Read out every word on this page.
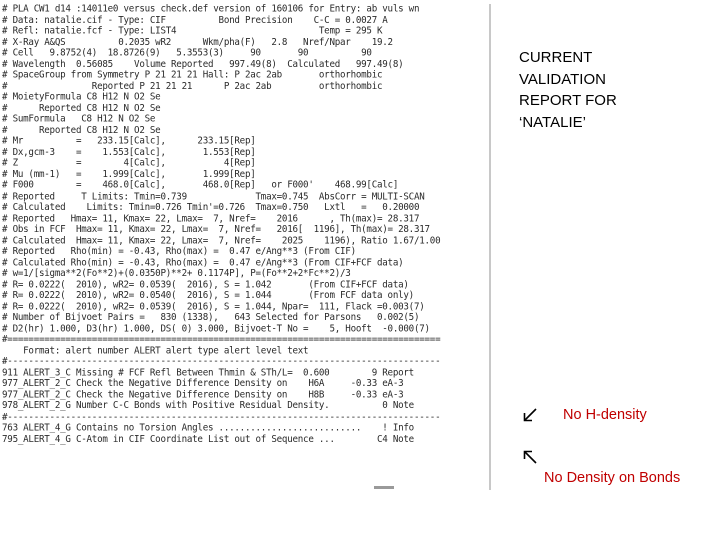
# PLA CW1 d14 :14011e0 versus check.def version of 160106 for Entry: ab vuls wn
# Data: natalie.cif - Type: CIF          Bond Precision    C-C = 0.0027 A
# Refl: natalie.fcf - Type: LIST4                           Temp = 295 K
# X-Ray A&QS          0.2035 wR2      Wkm/pha(F)   2.8   Nref/Npar    19.2
# Cell   9.8752(4)  18.8726(9)   5.3553(3)     90       90          90
# Wavelength  0.56085    Volume Reported   997.49(8)  Calculated   997.49(8)
# SpaceGroup from Symmetry P 21 21 21 Hall: P 2ac 2ab       orthorhombic
#                Reported P 21 21 21      P 2ac 2ab         orthorhombic
# MoietyFormula C8 H12 N O2 Se
#      Reported C8 H12 N O2 Se
# SumFormula   C8 H12 N O2 Se
#      Reported C8 H12 N O2 Se
# Mr          =   233.15[Calc],      233.15[Rep]
# Dx,gcm-3    =    1.553[Calc],       1.553[Rep]
# Z           =        4[Calc],           4[Rep]
# Mu (mm-1)   =    1.999[Calc],       1.999[Rep]
# F000        =    468.0[Calc],       468.0[Rep]   or F000'    468.99[Calc]
# Reported     T Limits: Tmin=0.739             Tmax=0.745  AbsCorr = MULTI-SCAN
# Calculated    Limits: Tmin=0.726 Tmin'=0.726  Tmax=0.750   Lxtl   =   0.20000
# Reported   Hmax= 11, Kmax= 22, Lmax=  7, Nref=    2016      , Th(max)= 28.317
# Obs in FCF  Hmax= 11, Kmax= 22, Lmax=  7, Nref=   2016[  1196], Th(max)= 28.317
# Calculated  Hmax= 11, Kmax= 22, Lmax=  7, Nref=    2025    1196), Ratio 1.67/1.00
# Reported   Rho(min) = -0.43, Rho(max) =  0.47 e/Ang**3 (From CIF)
# Calculated Rho(min) = -0.43, Rho(max) =  0.47 e/Ang**3 (From CIF+FCF data)
# w=1/[sigma**2(Fo**2)+(0.0350P)**2+ 0.1174P], P=(Fo**2+2*Fc**2)/3
# R= 0.0222(  2010), wR2= 0.0539(  2016), S = 1.042       (From CIF+FCF data)
# R= 0.0222(  2010), wR2= 0.0540(  2016), S = 1.044       (From FCF data only)
# R= 0.0222(  2010), wR2= 0.0539(  2016), S = 1.044, Npar=  111, Flack =0.003(7)
# Number of Bijvoet Pairs =   830 (1338),   643 Selected for Parsons   0.002(5)
# D2(hr) 1.000, D3(hr) 1.000, DS( 0) 3.000, Bijvoet-T No =    5, Hooft  -0.000(7)
#==================================================================================
Format: alert number ALERT alert type alert level text
#----------------------------------------------------------------------------------
911 ALERT_3_C Missing # FCF Refl Between Thmin & STh/L=  0.600        9 Report
977_ALERT_2_C Check the Negative Difference Density on    H6A     -0.33 eA-3
977_ALERT_2_C Check the Negative Difference Density on    H8B     -0.33 eA-3
978_ALERT_2_G Number C-C Bonds with Positive Residual Density.          0 Note
#----------------------------------------------------------------------------------
763 ALERT_4_G Contains no Torsion Angles ...........................    ! Info
795_ALERT_4_G C-Atom in CIF Coordinate List out of Sequence ...        C4 Note
CURRENT
VALIDATION
REPORT FOR
‘NATALIE’
No H-density
No Density on Bonds
